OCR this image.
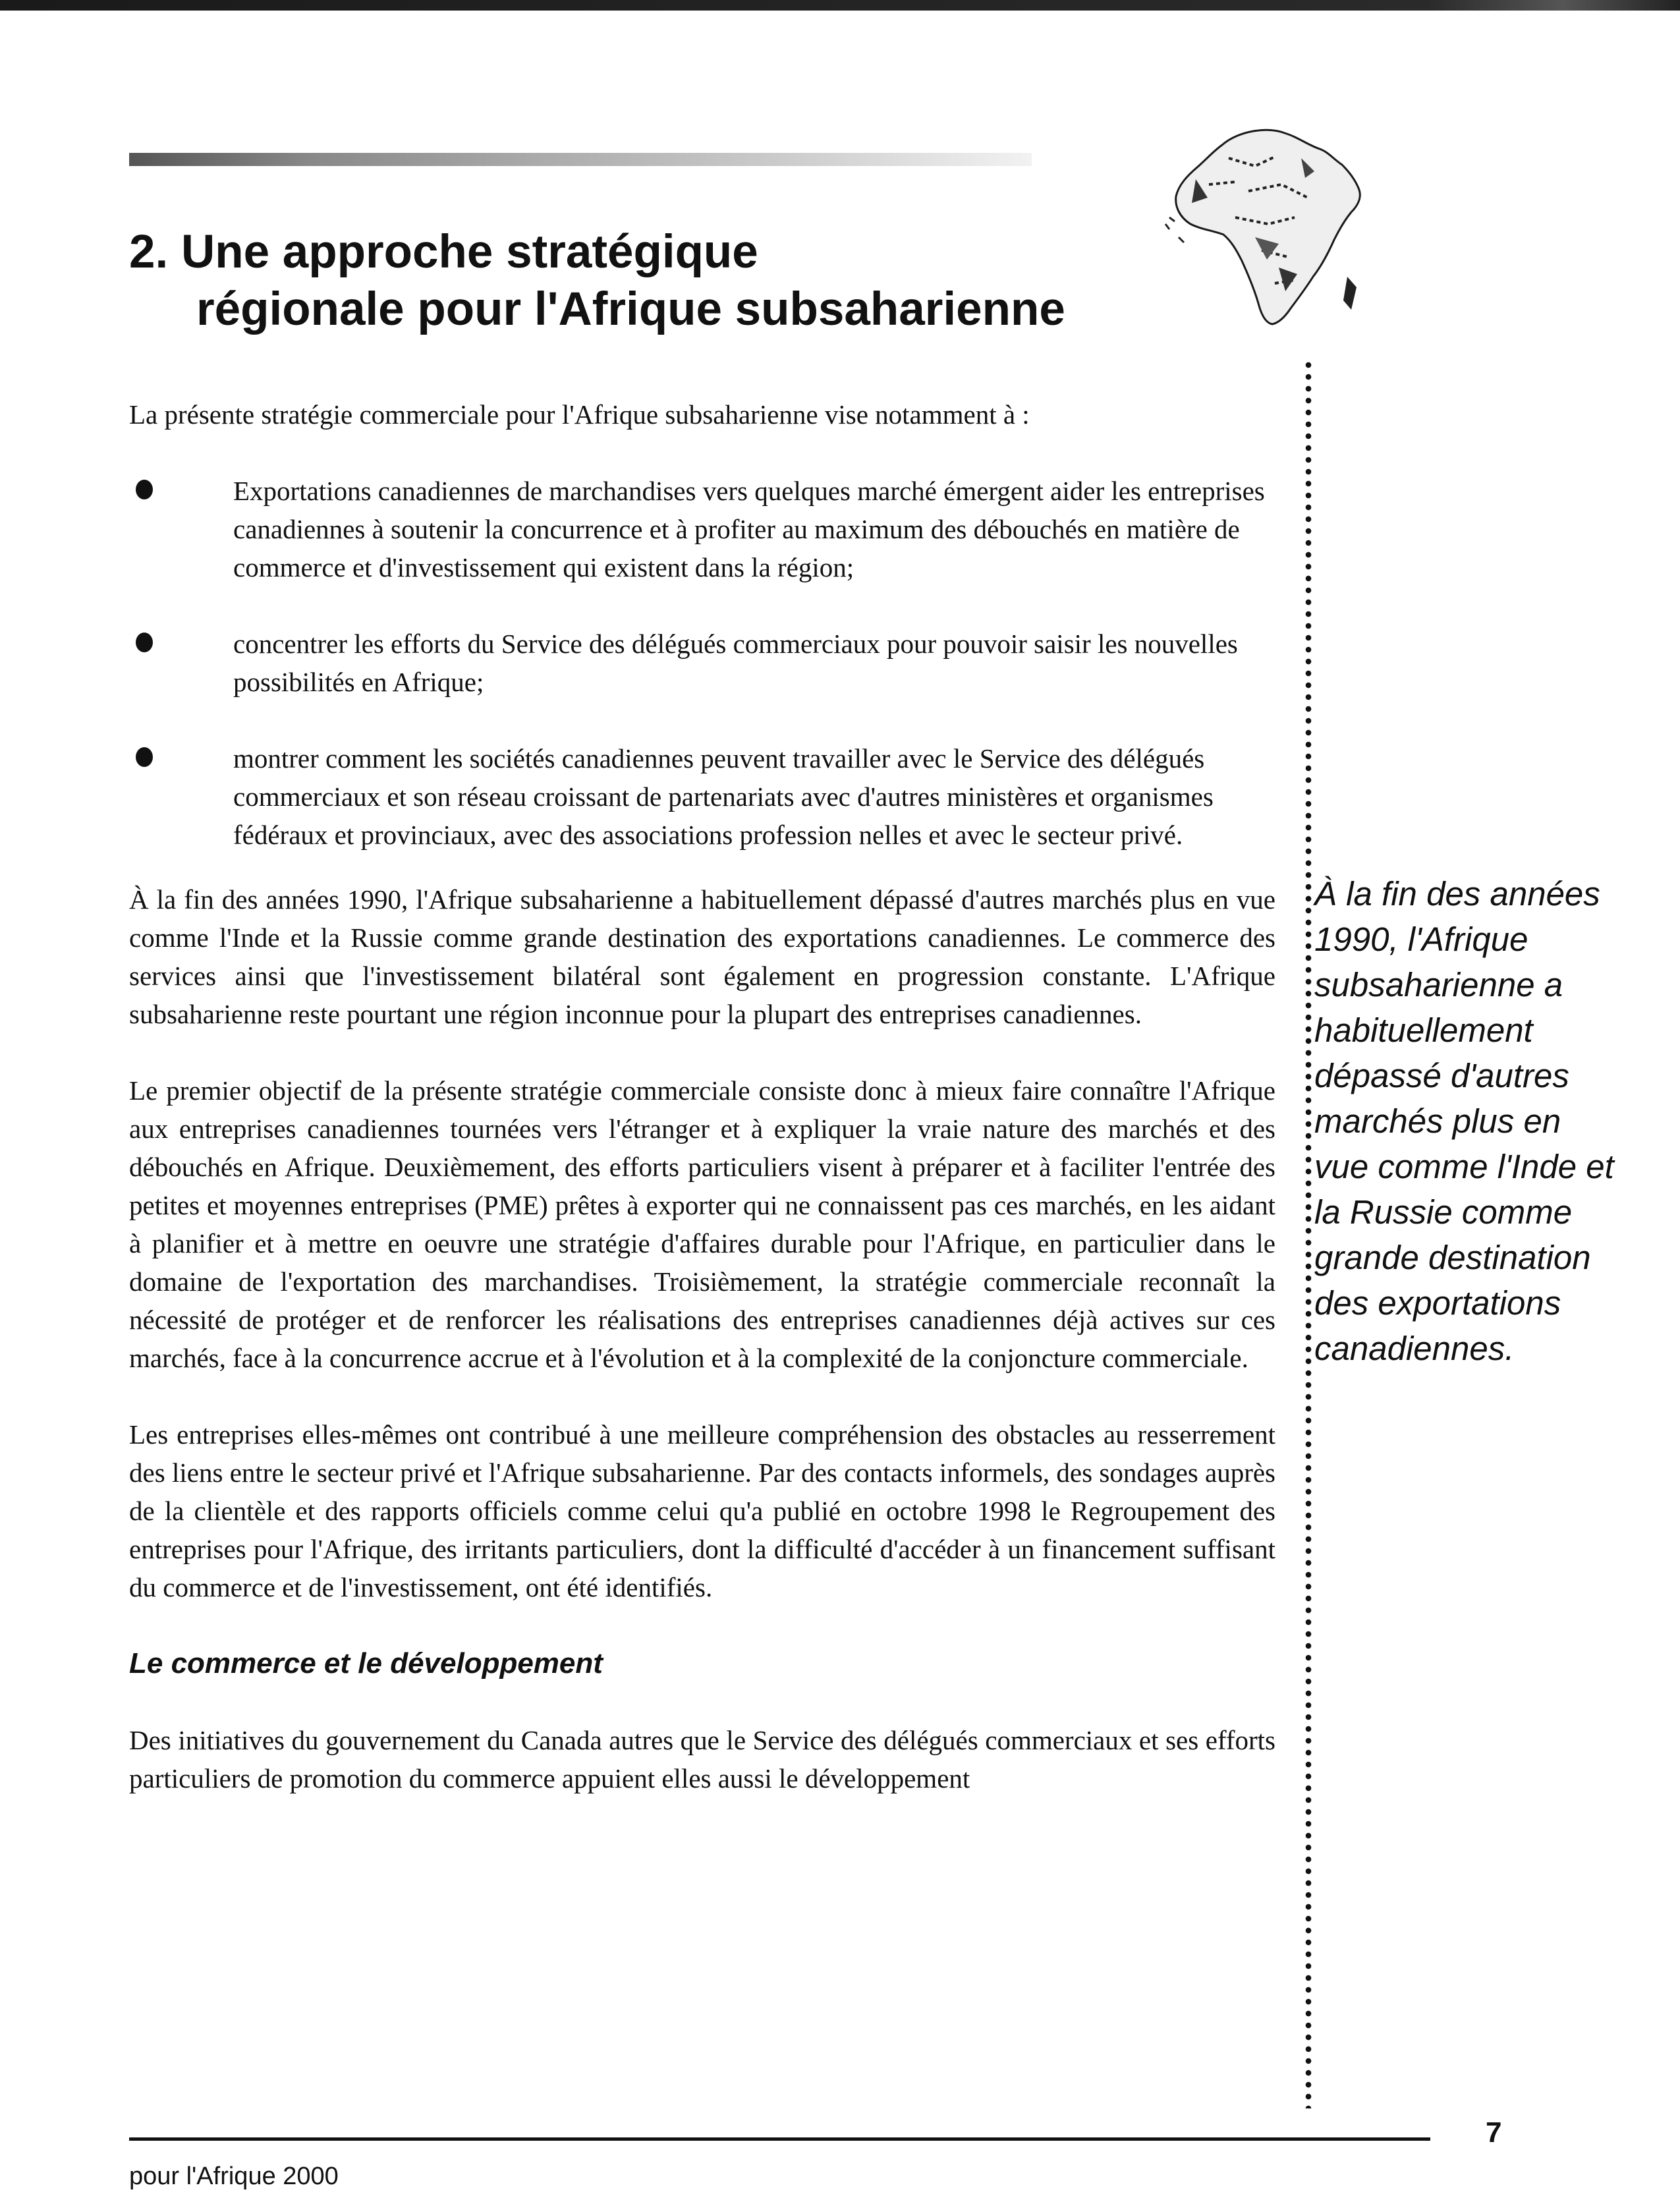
2. Une approche stratégique
régionale pour l'Afrique subsaharienne

La présente stratégie commerciale pour l'Afrique subsaharienne vise notamment à :

Exportations canadiennes de marchandises vers quelques marché émergent aider les entreprises canadiennes à soutenir la concurrence et à profiter au maximum des débouchés en matière de commerce et d'investissement qui existent dans la région;
concentrer les efforts du Service des délégués commerciaux pour pouvoir saisir les nouvelles possibilités en Afrique;
montrer comment les sociétés canadiennes peuvent travailler avec le Service des délégués commerciaux et son réseau croissant de partenariats avec d'autres ministères et organismes fédéraux et provinciaux, avec des associations profession nelles et avec le secteur privé.

À la fin des années 1990, l'Afrique subsaharienne a habituellement dépassé d'autres marchés plus en vue comme l'Inde et la Russie comme grande destination des exportations canadiennes. Le commerce des services ainsi que l'investissement bilatéral sont également en progression constante. L'Afrique subsaharienne reste pourtant une région inconnue pour la plupart des entreprises canadiennes.

Le premier objectif de la présente stratégie commerciale consiste donc à mieux faire connaître l'Afrique aux entreprises canadiennes tournées vers l'étranger et à expliquer la vraie nature des marchés et des débouchés en Afrique. Deuxièmement, des efforts particuliers visent à préparer et à faciliter l'entrée des petites et moyennes entreprises (PME) prêtes à exporter qui ne connaissent pas ces marchés, en les aidant à planifier et à mettre en oeuvre une stratégie d'affaires durable pour l'Afrique, en particulier dans le domaine de l'exportation des marchandises. Troisièmement, la stratégie commerciale reconnaît la nécessité de protéger et de renforcer les réalisations des entreprises canadiennes déjà actives sur ces marchés, face à la concurrence accrue et à l'évolution et à la complexité de la conjoncture commerciale.

Les entreprises elles-mêmes ont contribué à une meilleure compréhension des obstacles au resserrement des liens entre le secteur privé et l'Afrique subsaharienne. Par des contacts informels, des sondages auprès de la clientèle et des rapports officiels comme celui qu'a publié en octobre 1998 le Regroupement des entreprises pour l'Afrique, des irritants particuliers, dont la difficulté d'accéder à un financement suffisant du commerce et de l'investissement, ont été identifiés.

Le commerce et le développement

Des initiatives du gouvernement du Canada autres que le Service des délégués commerciaux et ses efforts particuliers de promotion du commerce appuient elles aussi le développement

À la fin des années 1990, l'Afrique subsaharienne a habituellement dépassé d'autres marchés plus en vue comme l'Inde et la Russie comme grande destination des exportations canadiennes.

7
pour l'Afrique 2000
